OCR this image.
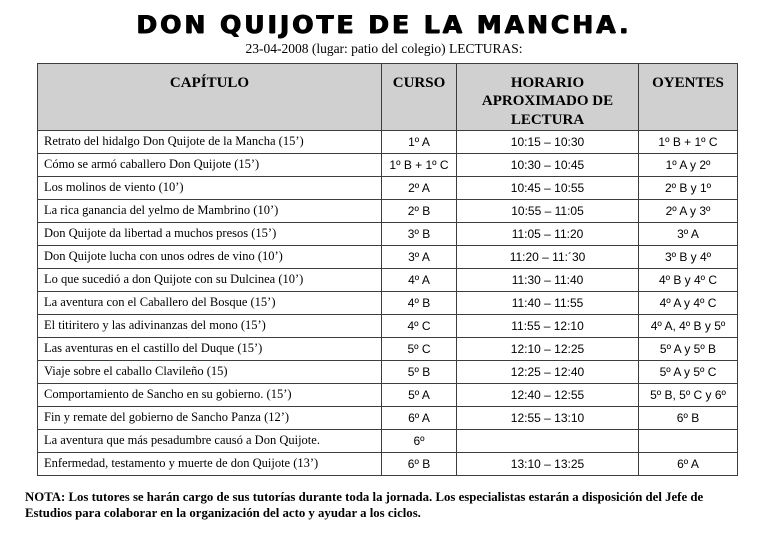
DON QUIJOTE DE LA MANCHA.
23-04-2008 (lugar: patio del colegio) LECTURAS:
CAPÍTULO	CURSO	HORARIO APROXIMADO DE LECTURA	OYENTES
Retrato del hidalgo Don Quijote de la Mancha (15’)	1º A	10:15 – 10:30	1º B + 1º C
Cómo se armó caballero Don Quijote (15’)	1º B + 1º C	10:30 – 10:45	1º A y 2º
Los molinos de viento (10’)	2º A	10:45 – 10:55	2º B y 1º
La rica ganancia del yelmo de Mambrino (10’)	2º B	10:55 – 11:05	2º A y 3º
Don Quijote da libertad a muchos presos (15’)	3º B	11:05 – 11:20	3º A
Don Quijote lucha con unos odres de vino (10’)	3º A	11:20 – 11:´30	3º B y 4º
Lo que sucedió a don Quijote con su Dulcinea (10’)	4º A	11:30 – 11:40	4º B y 4º C
La aventura con el Caballero del Bosque (15’)	4º B	11:40 – 11:55	4º A y 4º C
El titiritero y las adivinanzas del mono (15’)	4º C	11:55 – 12:10	4º A, 4º B y 5º
Las aventuras en el castillo del Duque (15’)	5º C	12:10 – 12:25	5º A y 5º B
Viaje sobre el caballo Clavileño (15)	5º B	12:25 – 12:40	5º A y 5º C
Comportamiento de Sancho en su gobierno. (15’)	5º A	12:40 – 12:55	5º B, 5º C y 6º
Fin y remate del gobierno de Sancho Panza (12’)	6º A	12:55 – 13:10	6º B
La aventura que más pesadumbre causó a Don Quijote.	6º		
Enfermedad, testamento y muerte de don Quijote (13’)	6º B	13:10 – 13:25	6º A
NOTA: Los tutores se harán cargo de sus tutorías durante toda la jornada. Los especialistas estarán a disposición del Jefe de Estudios para colaborar en la organización del acto y ayudar a los ciclos.
